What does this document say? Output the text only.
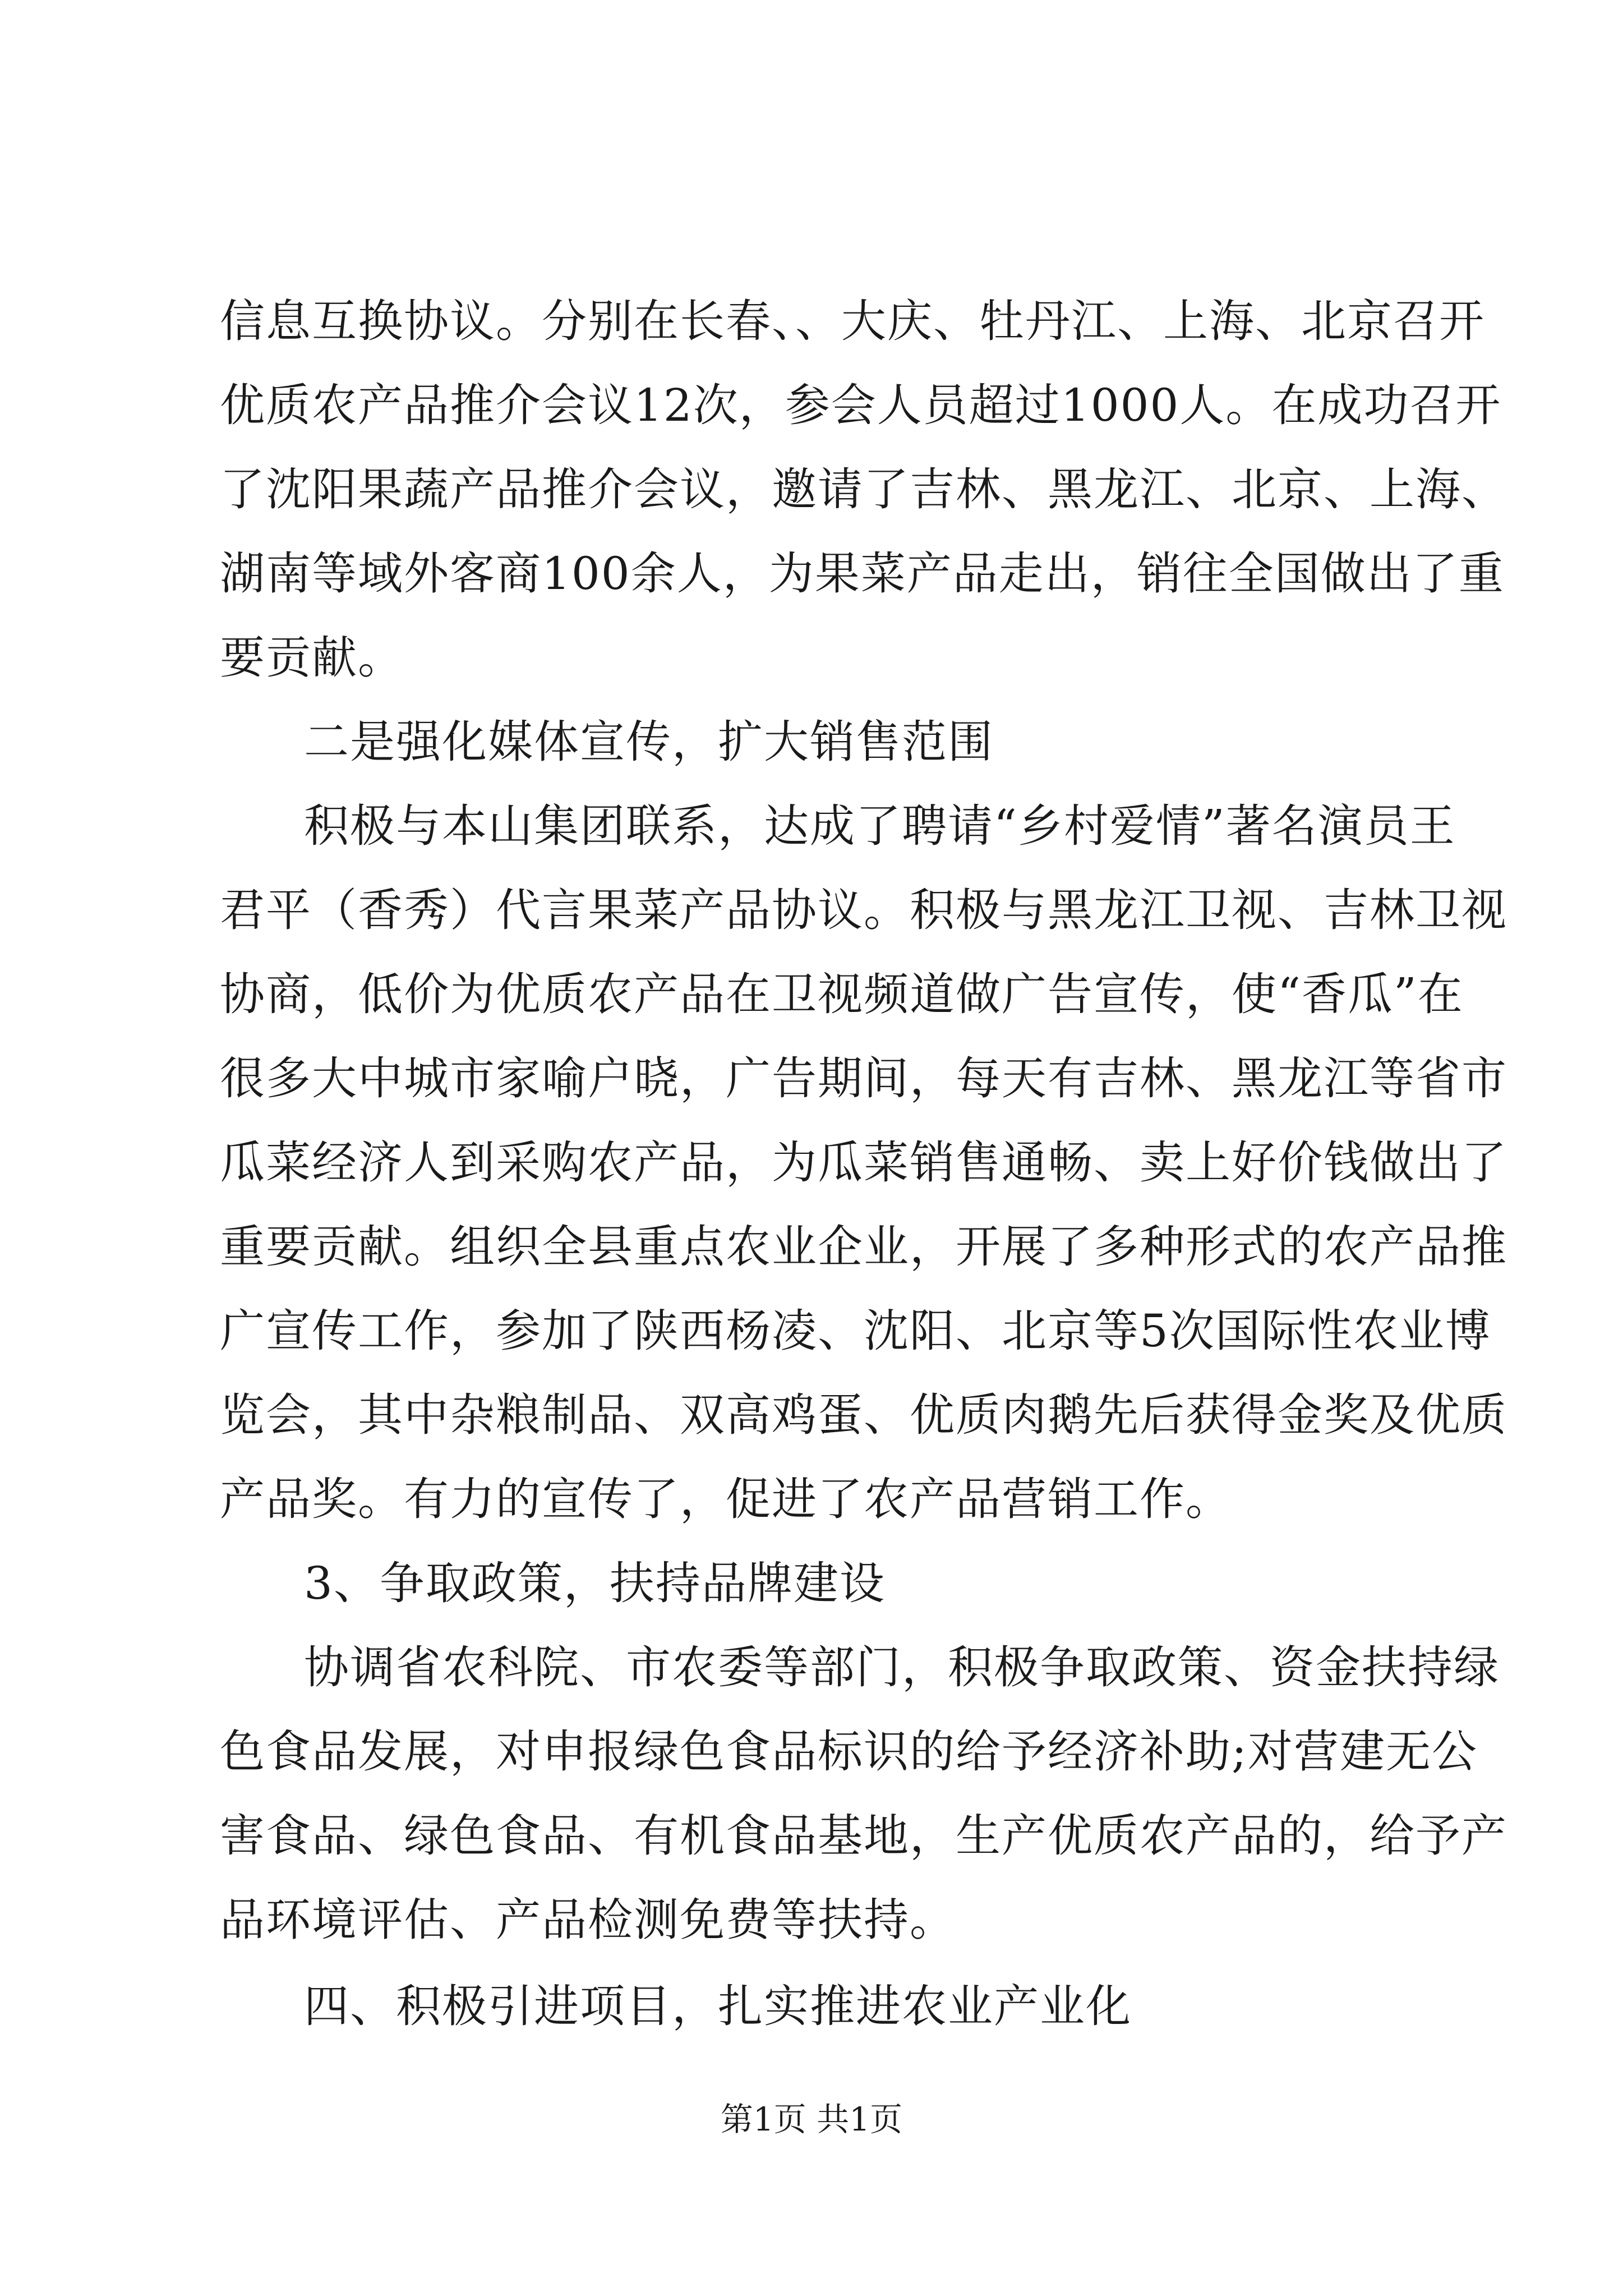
信息互换协议。分别在长春、、大庆、牡丹江、上海、北京召开
优质农产品推介会议12次，参会人员超过1000人。在成功召开
了沈阳果蔬产品推介会议，邀请了吉林、黑龙江、北京、上海、
湖南等域外客商100余人，为果菜产品走出，销往全国做出了重
要贡献。
二是强化媒体宣传，扩大销售范围
积极与本山集团联系，达成了聘请“乡村爱情”著名演员王
君平（香秀）代言果菜产品协议。积极与黑龙江卫视、吉林卫视
协商，低价为优质农产品在卫视频道做广告宣传，使“香瓜”在
很多大中城市家喻户晓，广告期间，每天有吉林、黑龙江等省市
瓜菜经济人到采购农产品，为瓜菜销售通畅、卖上好价钱做出了
重要贡献。组织全县重点农业企业，开展了多种形式的农产品推
广宣传工作，参加了陕西杨凌、沈阳、北京等5次国际性农业博
览会，其中杂粮制品、双高鸡蛋、优质肉鹅先后获得金奖及优质
产品奖。有力的宣传了，促进了农产品营销工作。
3、争取政策，扶持品牌建设
协调省农科院、市农委等部门，积极争取政策、资金扶持绿
色食品发展，对申报绿色食品标识的给予经济补助;对营建无公
害食品、绿色食品、有机食品基地，生产优质农产品的，给予产
品环境评估、产品检测免费等扶持。
四、积极引进项目，扎实推进农业产业化
第1页 共1页
